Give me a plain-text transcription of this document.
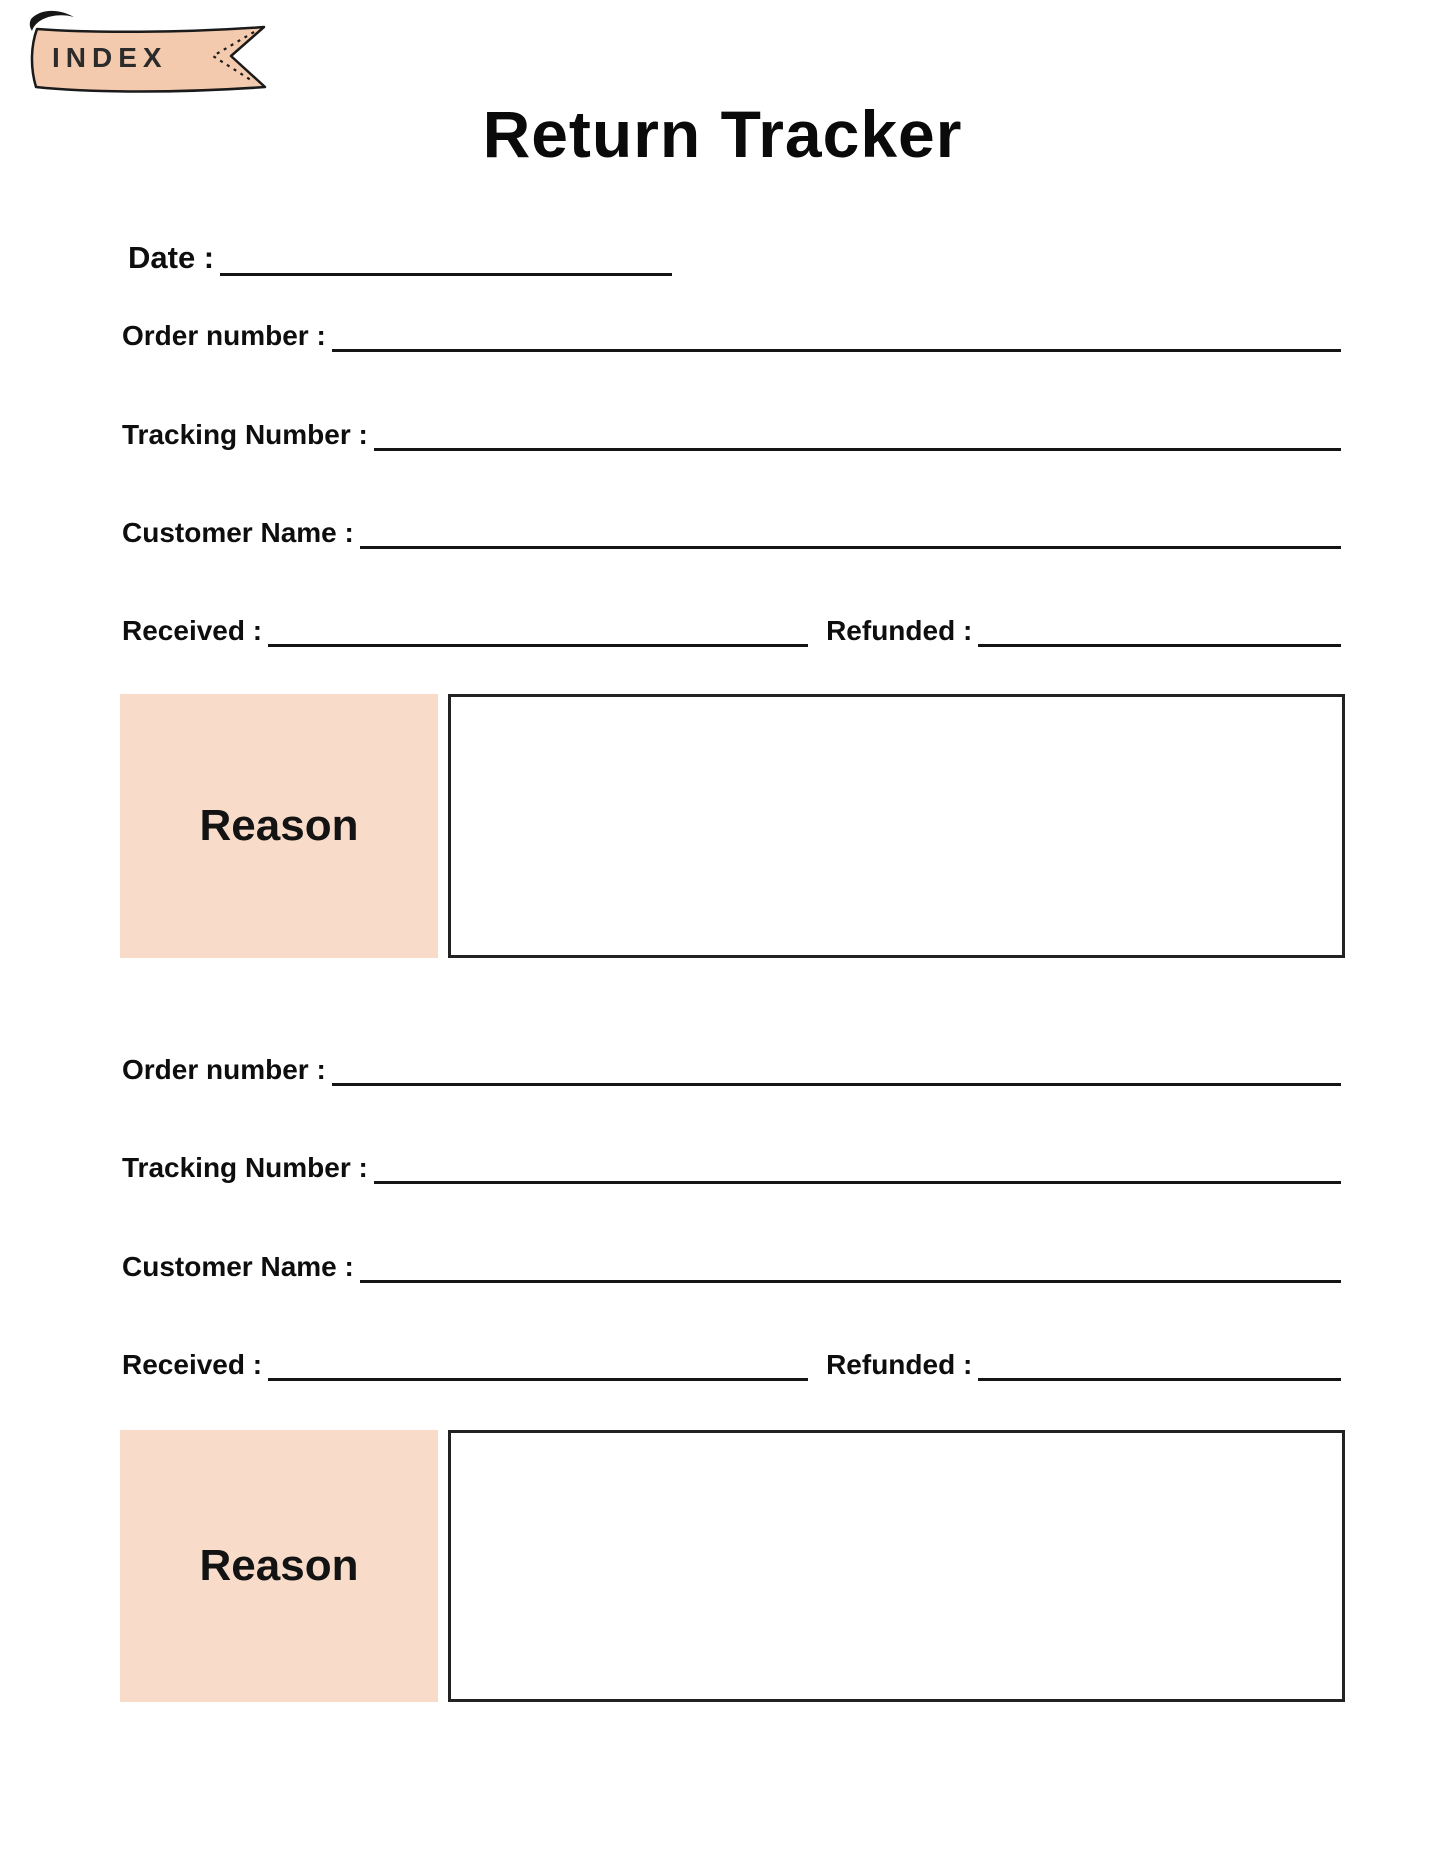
INDEX
Return Tracker
Date :
Order number :
Tracking Number :
Customer Name :
Received :	Refunded :
Reason
Order number :
Tracking Number :
Customer Name :
Received :	Refunded :
Reason
